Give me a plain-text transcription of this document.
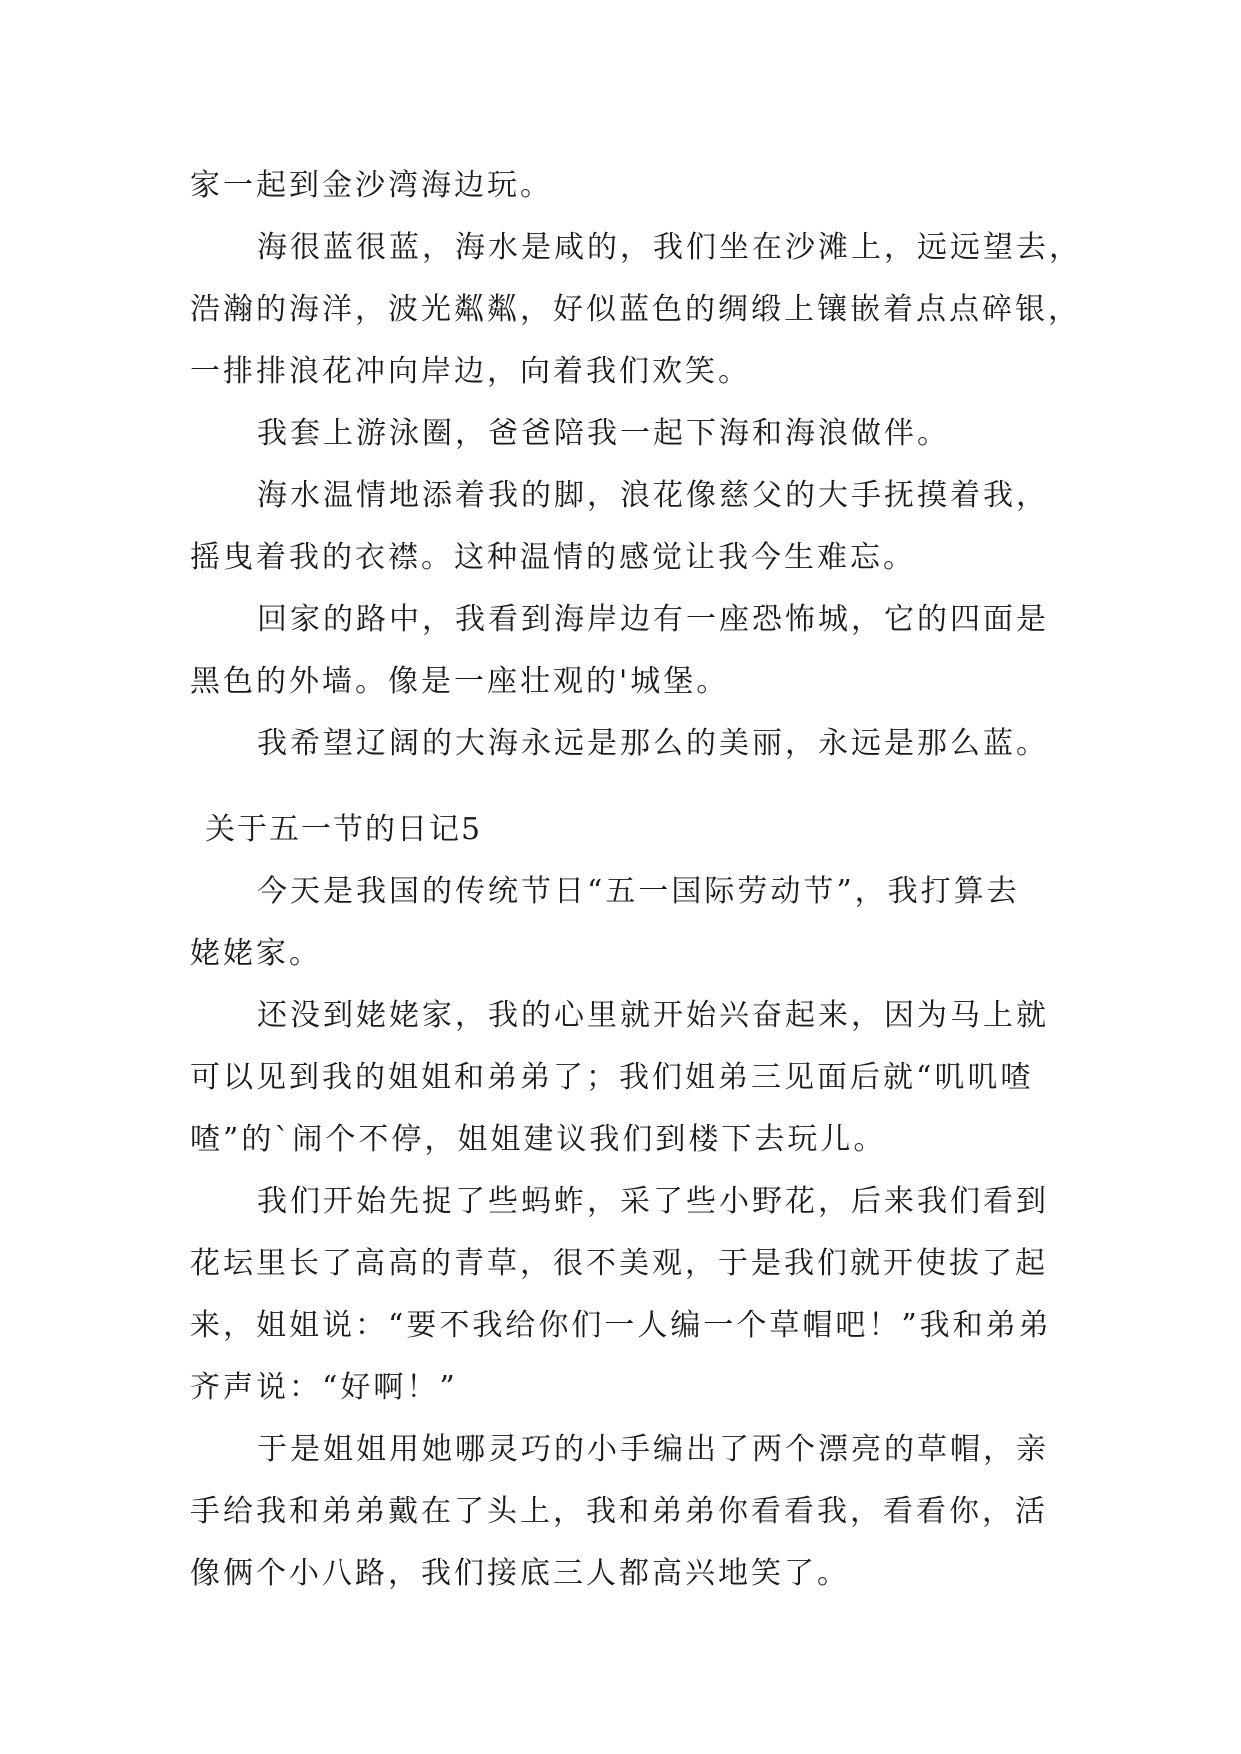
家一起到金沙湾海边玩。
海很蓝很蓝，海水是咸的，我们坐在沙滩上，远远望去，
浩瀚的海洋，波光粼粼，好似蓝色的绸缎上镶嵌着点点碎银，
一排排浪花冲向岸边，向着我们欢笑。
我套上游泳圈，爸爸陪我一起下海和海浪做伴。
海水温情地添着我的脚，浪花像慈父的大手抚摸着我，
摇曳着我的衣襟。这种温情的感觉让我今生难忘。
回家的路中，我看到海岸边有一座恐怖城，它的四面是
黑色的外墙。像是一座壮观的'城堡。
我希望辽阔的大海永远是那么的美丽，永远是那么蓝。
关于五一节的日记5
今天是我国的传统节日“五一国际劳动节”，我打算去
姥姥家。
还没到姥姥家，我的心里就开始兴奋起来，因为马上就
可以见到我的姐姐和弟弟了；我们姐弟三见面后就“叽叽喳
喳”的`闹个不停，姐姐建议我们到楼下去玩儿。
我们开始先捉了些蚂蚱，采了些小野花，后来我们看到
花坛里长了高高的青草，很不美观，于是我们就开使拔了起
来，姐姐说：“要不我给你们一人编一个草帽吧！”我和弟弟
齐声说：“好啊！”
于是姐姐用她哪灵巧的小手编出了两个漂亮的草帽，亲
手给我和弟弟戴在了头上，我和弟弟你看看我，看看你，活
像俩个小八路，我们接底三人都高兴地笑了。
